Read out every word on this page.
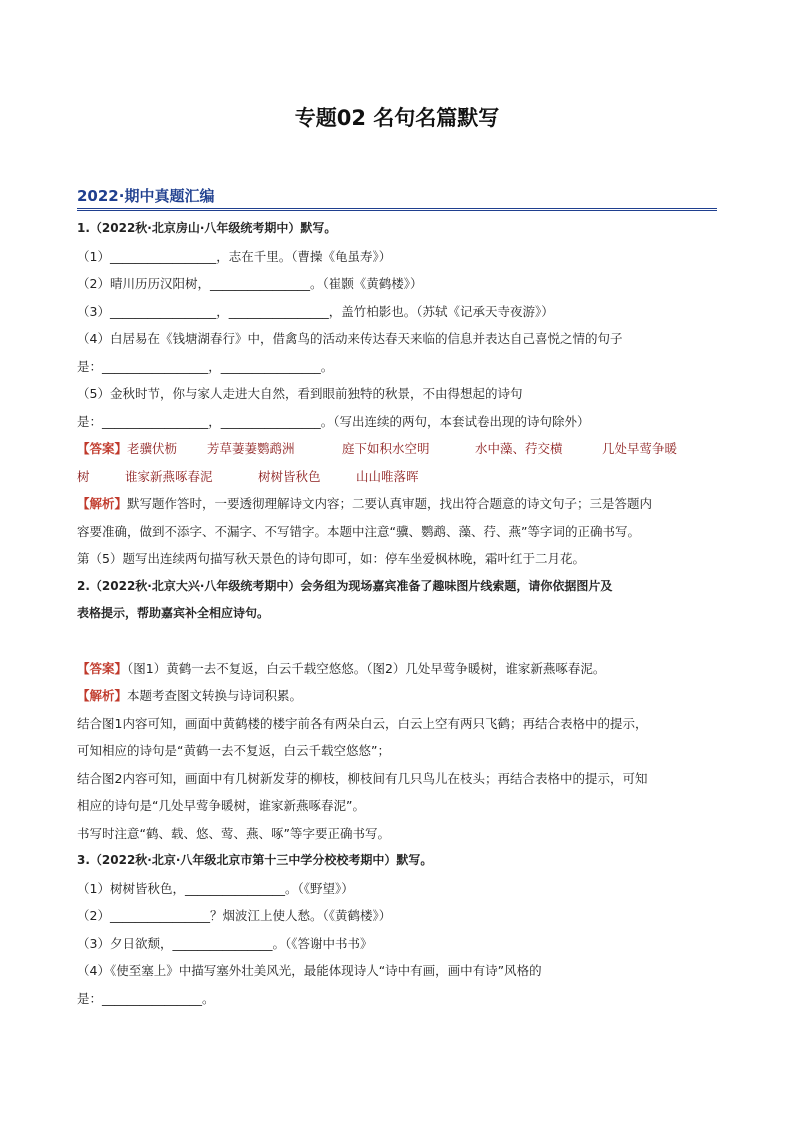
专题02 名句名篇默写
2022·期中真题汇编
1.（2022秋·北京房山·八年级统考期中）默写。
（1）_________________，志在千里。（曹操《龟虽寿》）
（2）晴川历历汉阳树，________________。（崔颢《黄鹤楼》）
（3）_________________，________________，盖竹柏影也。（苏轼《记承天寺夜游》）
（4）白居易在《钱塘湖春行》中，借禽鸟的活动来传达春天来临的信息并表达自己喜悦之情的句子
是：_________________，________________。
（5）金秋时节，你与家人走进大自然，看到眼前独特的秋景，不由得想起的诗句
是：_________________，________________。（写出连续的两句，本套试卷出现的诗句除外）
【答案】老骥伏枥 芳草萋萋鹦鹉洲	庭下如积水空明	水中藻、荇交横	几处早莺争暖
树	谁家新燕啄春泥	树树皆秋色	山山唯落晖
【解析】默写题作答时，一要透彻理解诗文内容；二要认真审题，找出符合题意的诗文句子；三是答题内
容要准确，做到不添字、不漏字、不写错字。本题中注意“骥、鹦鹉、藻、荇、燕”等字词的正确书写。
第（5）题写出连续两句描写秋天景色的诗句即可，如：停车坐爱枫林晚，霜叶红于二月花。
2.（2022秋·北京大兴·八年级统考期中）会务组为现场嘉宾准备了趣味图片线索题，请你依据图片及
表格提示，帮助嘉宾补全相应诗句。
【答案】（图1）黄鹤一去不复返，白云千载空悠悠。（图2）几处早莺争暖树，谁家新燕啄春泥。
【解析】本题考查图文转换与诗词积累。
结合图1内容可知，画面中黄鹤楼的楼宇前各有两朵白云，白云上空有两只飞鹤；再结合表格中的提示，
可知相应的诗句是“黄鹤一去不复返，白云千载空悠悠”；
结合图2内容可知，画面中有几树新发芽的柳枝，柳枝间有几只鸟儿在枝头；再结合表格中的提示，可知
相应的诗句是“几处早莺争暖树，谁家新燕啄春泥”。
书写时注意“鹤、载、悠、莺、燕、啄”等字要正确书写。
3.（2022秋·北京·八年级北京市第十三中学分校校考期中）默写。
（1）树树皆秋色，________________。（《野望》）
（2）________________？烟波江上使人愁。（《黄鹤楼》）
（3）夕日欲颓，________________。（《答谢中书书》
（4）《使至塞上》中描写塞外壮美风光，最能体现诗人“诗中有画，画中有诗”风格的
是：________________。
